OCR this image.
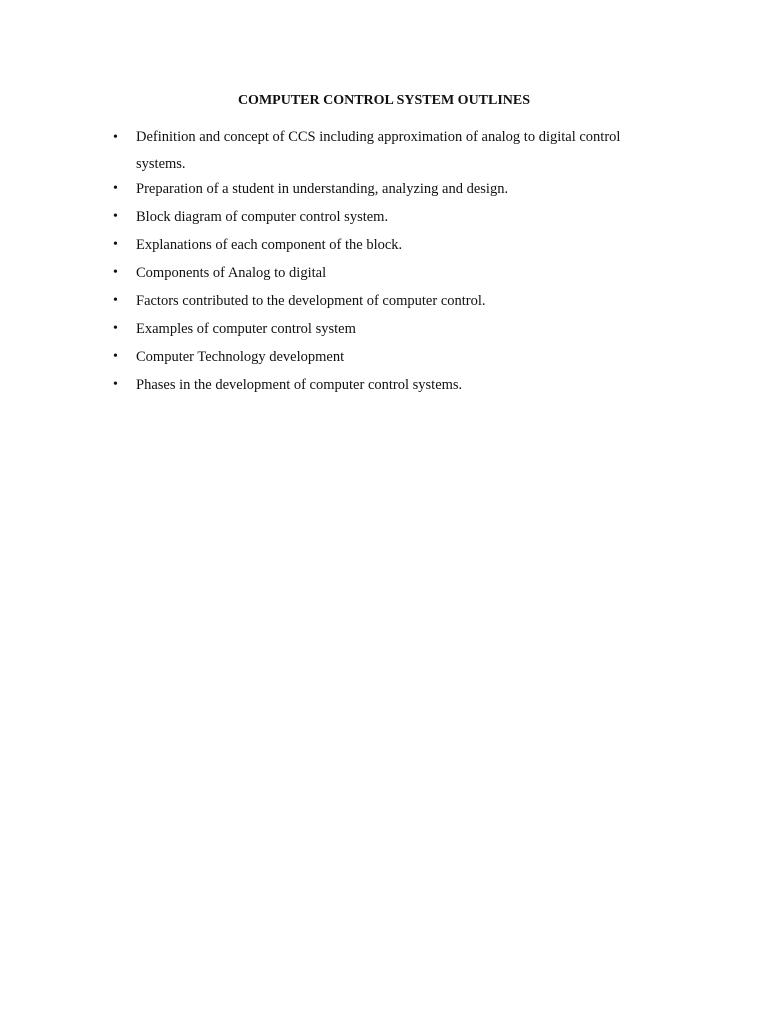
COMPUTER CONTROL SYSTEM OUTLINES
• Definition and concept of CCS including approximation of analog to digital control systems.
• Preparation of a student in understanding, analyzing and design.
• Block diagram of computer control system.
• Explanations of each component of the block.
• Components of Analog to digital
• Factors contributed to the development of computer control.
• Examples of computer control system
• Computer Technology development
• Phases in the development of computer control systems.
